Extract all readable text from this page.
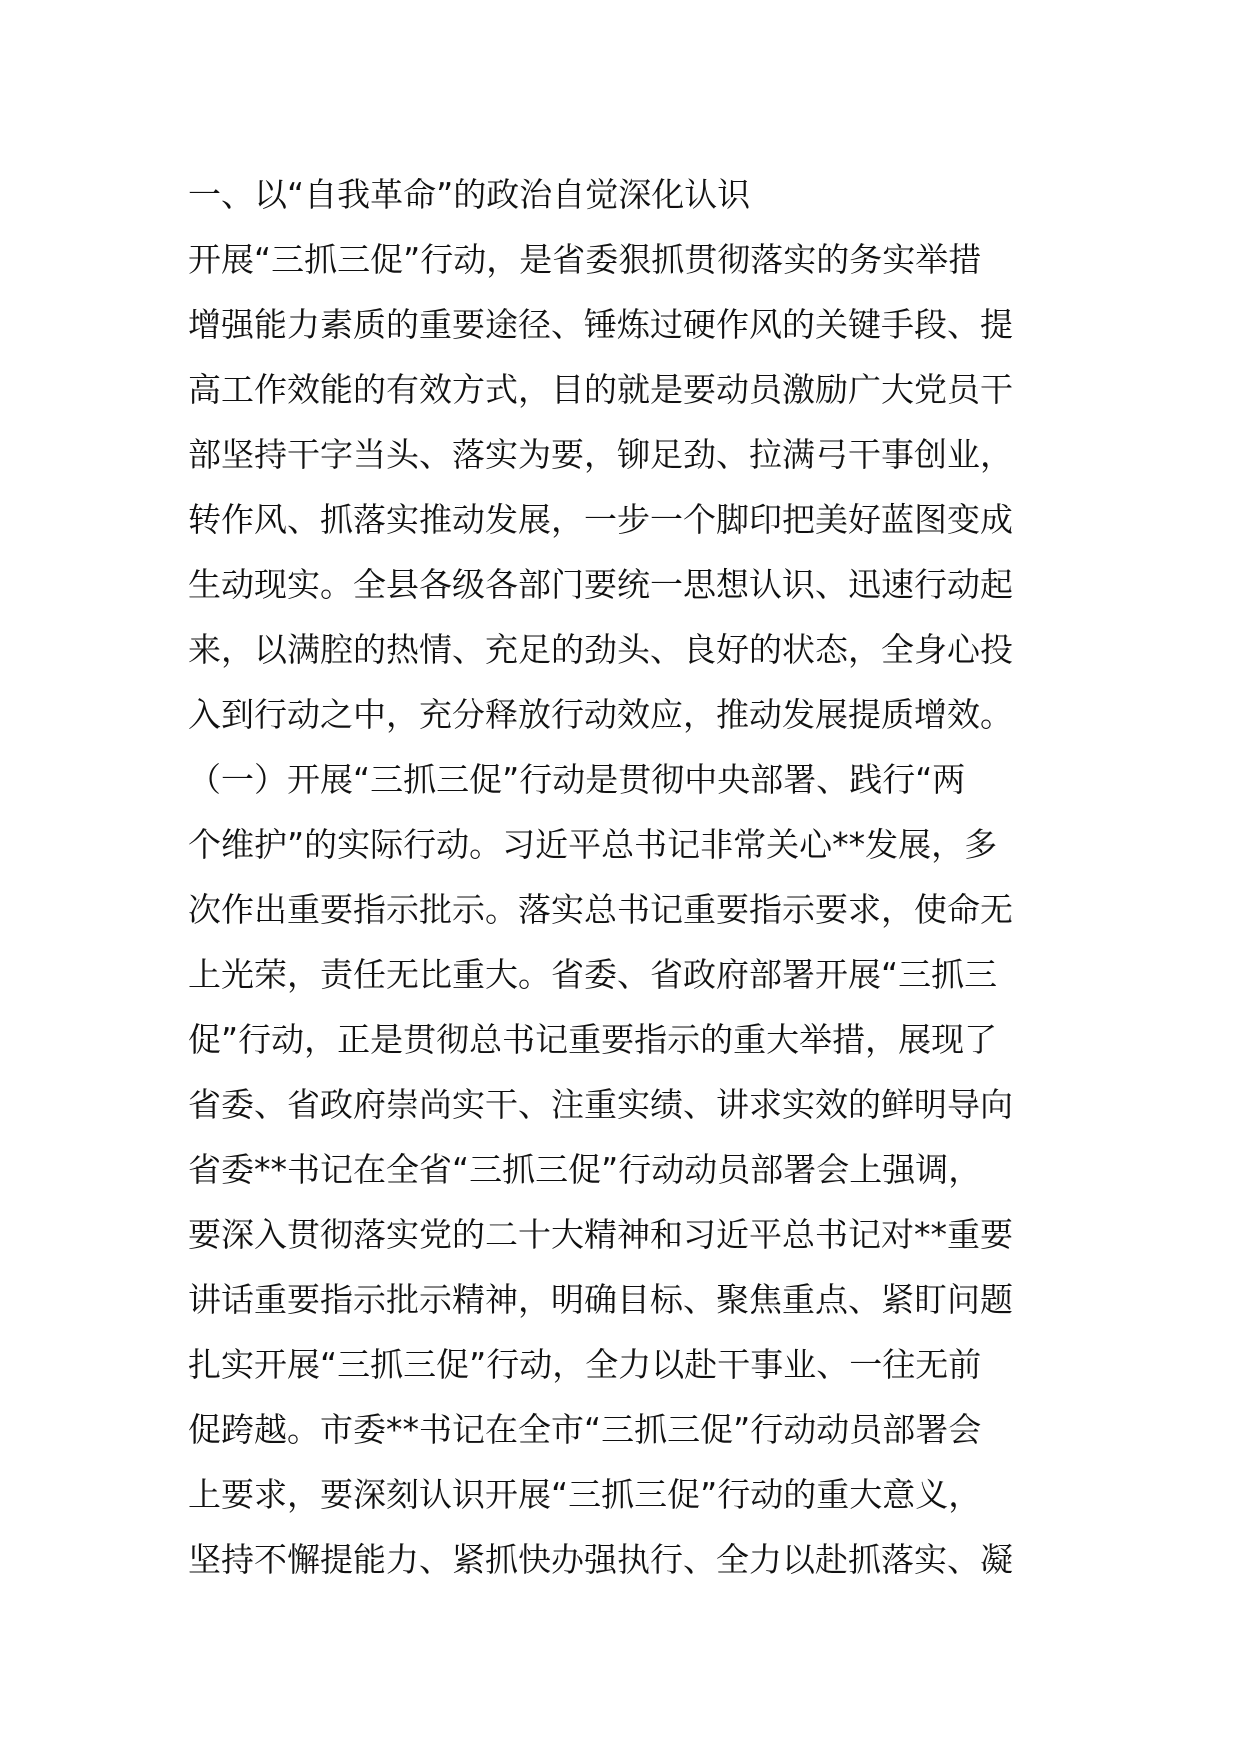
一、以“自我革命”的政治自觉深化认识
开展“三抓三促”行动，是省委狠抓贯彻落实的务实举措
增强能力素质的重要途径、锤炼过硬作风的关键手段、提
高工作效能的有效方式，目的就是要动员激励广大党员干
部坚持干字当头、落实为要，铆足劲、拉满弓干事创业，
转作风、抓落实推动发展，一步一个脚印把美好蓝图变成
生动现实。全县各级各部门要统一思想认识、迅速行动起
来，以满腔的热情、充足的劲头、良好的状态，全身心投
入到行动之中，充分释放行动效应，推动发展提质增效。
（一）开展“三抓三促”行动是贯彻中央部署、践行“两
个维护”的实际行动。习近平总书记非常关心**发展，多
次作出重要指示批示。落实总书记重要指示要求，使命无
上光荣，责任无比重大。省委、省政府部署开展“三抓三
促”行动，正是贯彻总书记重要指示的重大举措，展现了
省委、省政府崇尚实干、注重实绩、讲求实效的鲜明导向
省委**书记在全省“三抓三促”行动动员部署会上强调，
要深入贯彻落实党的二十大精神和习近平总书记对**重要
讲话重要指示批示精神，明确目标、聚焦重点、紧盯问题
扎实开展“三抓三促”行动，全力以赴干事业、一往无前
促跨越。市委**书记在全市“三抓三促”行动动员部署会
上要求，要深刻认识开展“三抓三促”行动的重大意义，
坚持不懈提能力、紧抓快办强执行、全力以赴抓落实、凝
